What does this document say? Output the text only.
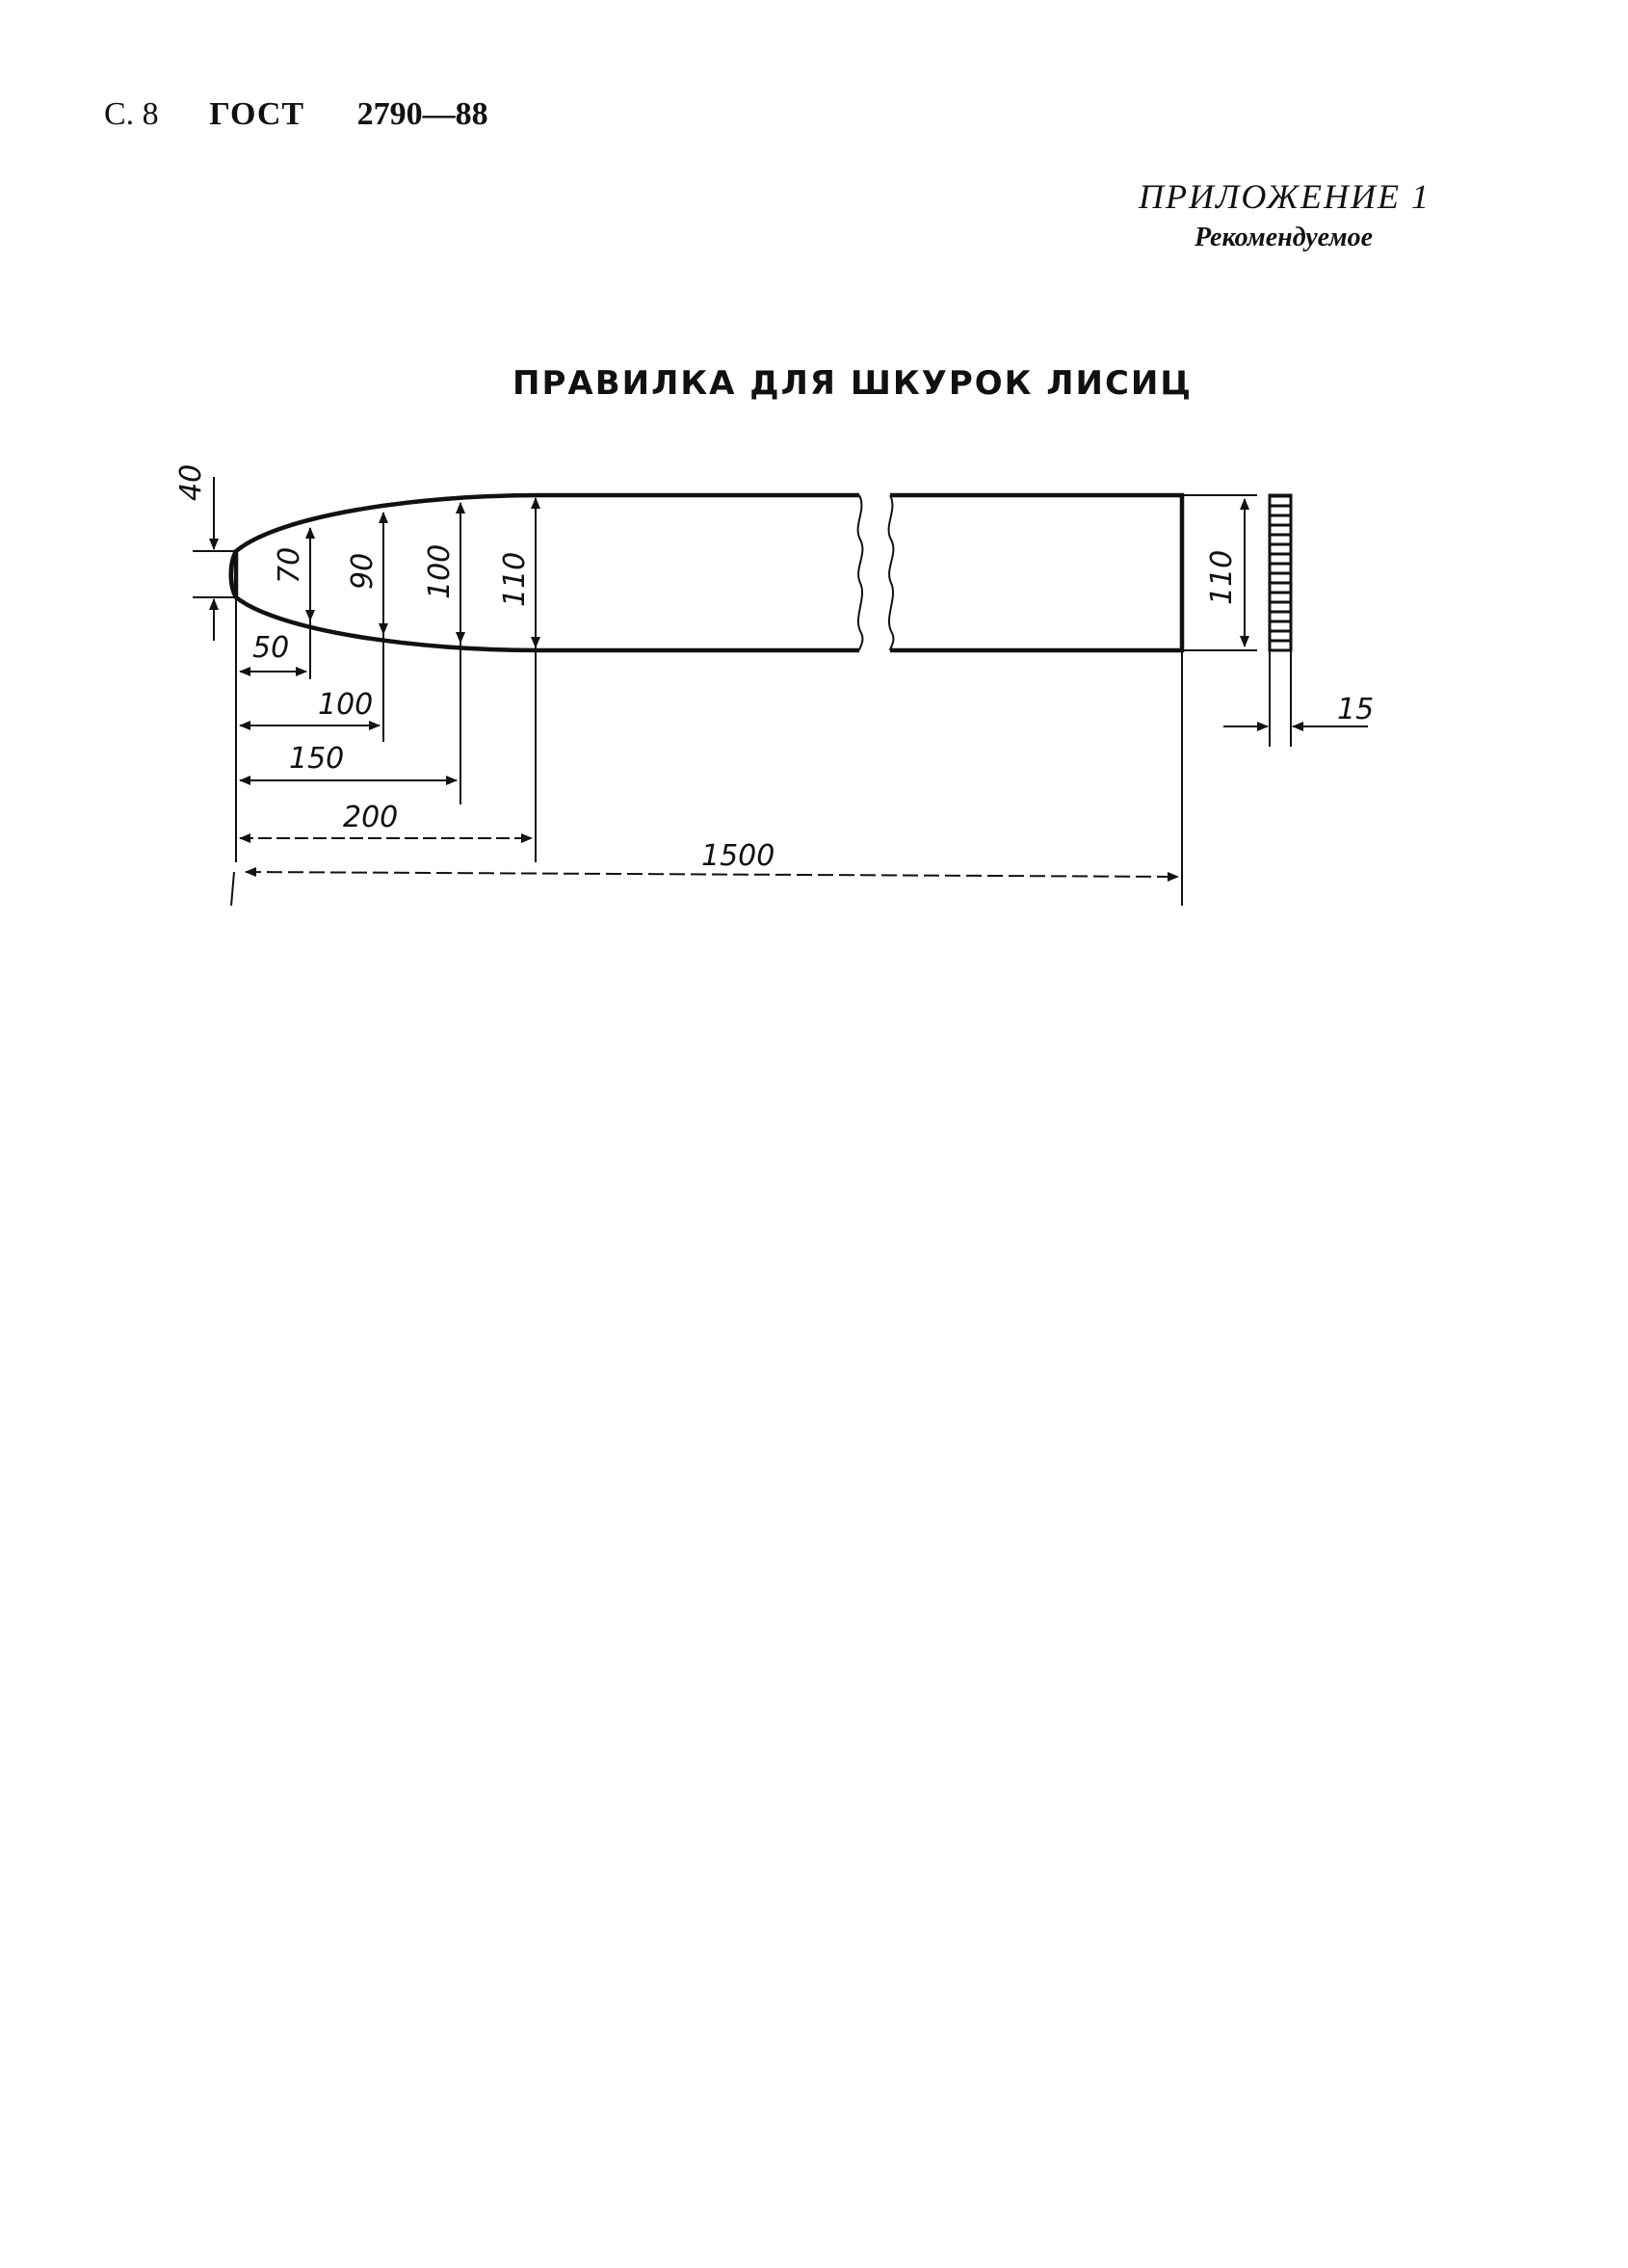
С. 8 ГОСТ 2790—88
ПРИЛОЖЕНИЕ 1
Рекомендуемое
ПРАВИЛКА ДЛЯ ШКУРОК ЛИСИЦ
15
110
40
70 90 100 110
50
100
150
200
1500
